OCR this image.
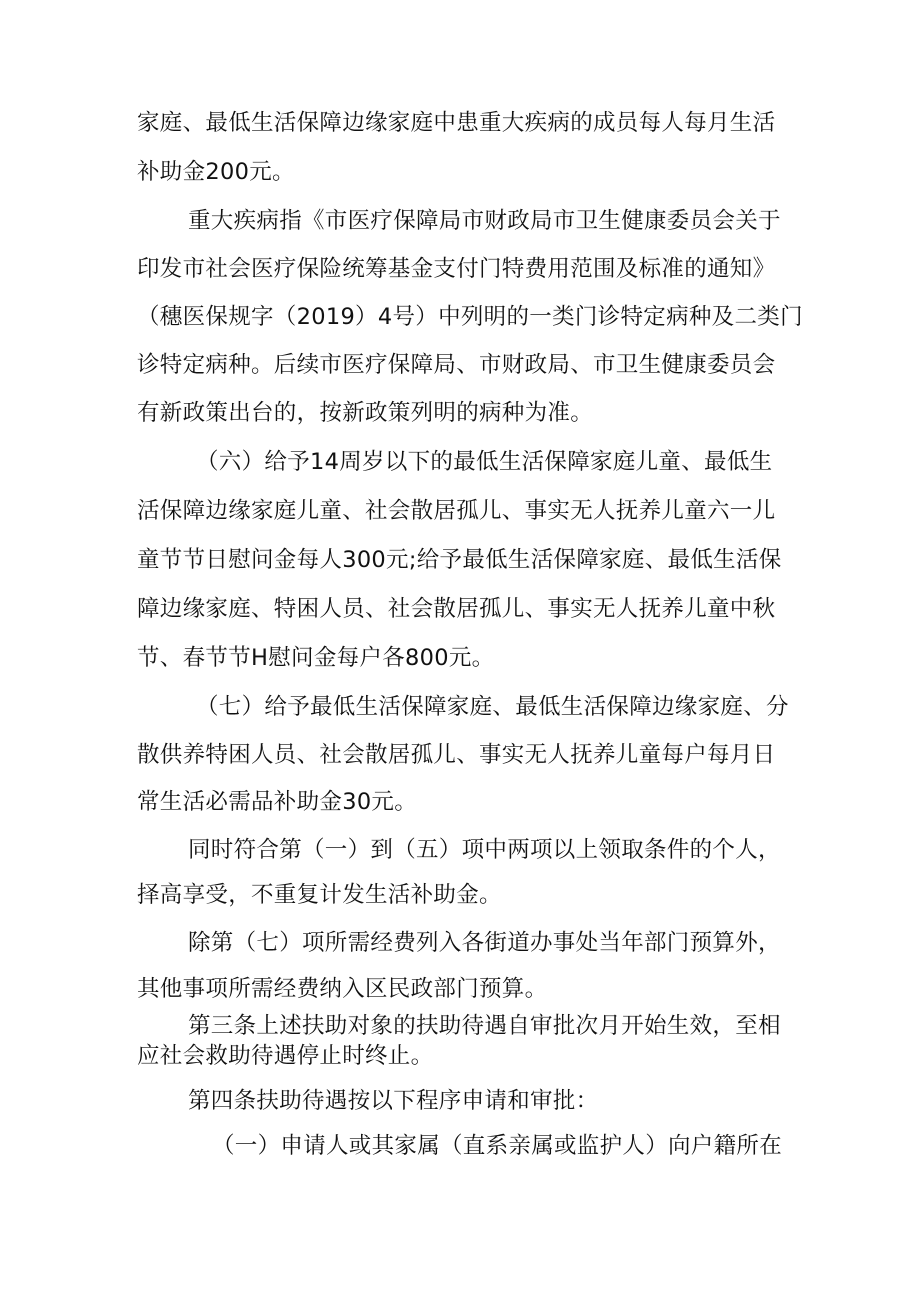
家庭、最低生活保障边缘家庭中患重大疾病的成员每人每月生活
补助金200元。
重大疾病指《市医疗保障局市财政局市卫生健康委员会关于
印发市社会医疗保险统筹基金支付门特费用范围及标准的通知》
（穗医保规字（2019）4号）中列明的一类门诊特定病种及二类门
诊特定病种。后续市医疗保障局、市财政局、市卫生健康委员会
有新政策出台的，按新政策列明的病种为准。
（六）给予14周岁以下的最低生活保障家庭儿童、最低生
活保障边缘家庭儿童、社会散居孤儿、事实无人抚养儿童六一儿
童节节日慰问金每人300元;给予最低生活保障家庭、最低生活保
障边缘家庭、特困人员、社会散居孤儿、事实无人抚养儿童中秋
节、春节节H慰问金每户各800元。
（七）给予最低生活保障家庭、最低生活保障边缘家庭、分
散供养特困人员、社会散居孤儿、事实无人抚养儿童每户每月日
常生活必需品补助金30元。
同时符合第（一）到（五）项中两项以上领取条件的个人，
择高享受，不重复计发生活补助金。
除第（七）项所需经费列入各街道办事处当年部门预算外，
其他事项所需经费纳入区民政部门预算。
第三条上述扶助对象的扶助待遇自审批次月开始生效，至相
应社会救助待遇停止时终止。
第四条扶助待遇按以下程序申请和审批：
（一）申请人或其家属（直系亲属或监护人）向户籍所在
